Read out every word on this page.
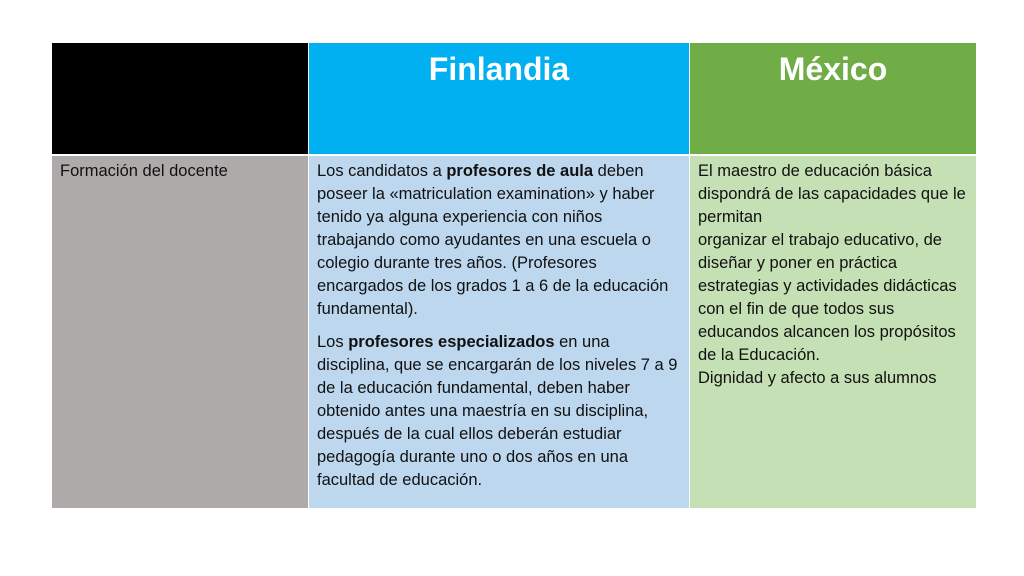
Finlandia	México
Formación del docente	Los candidatos a profesores de aula deben poseer la «matriculation examination» y haber tenido ya alguna experiencia con niños trabajando como ayudantes en una escuela o colegio durante tres años. (Profesores encargados de los grados 1 a 6 de la educación fundamental).

Los profesores especializados en una disciplina, que se encargarán de los niveles 7 a 9 de la educación fundamental, deben haber obtenido antes una maestría en su disciplina, después de la cual ellos deberán estudiar pedagogía durante uno o dos años en una facultad de educación.

El maestro de educación básica dispondrá de las capacidades que le permitan
organizar el trabajo educativo, de diseñar y poner en práctica estrategias y actividades didácticas con el fin de que todos sus educandos alcancen los propósitos de la Educación.
Dignidad y afecto a sus alumnos
